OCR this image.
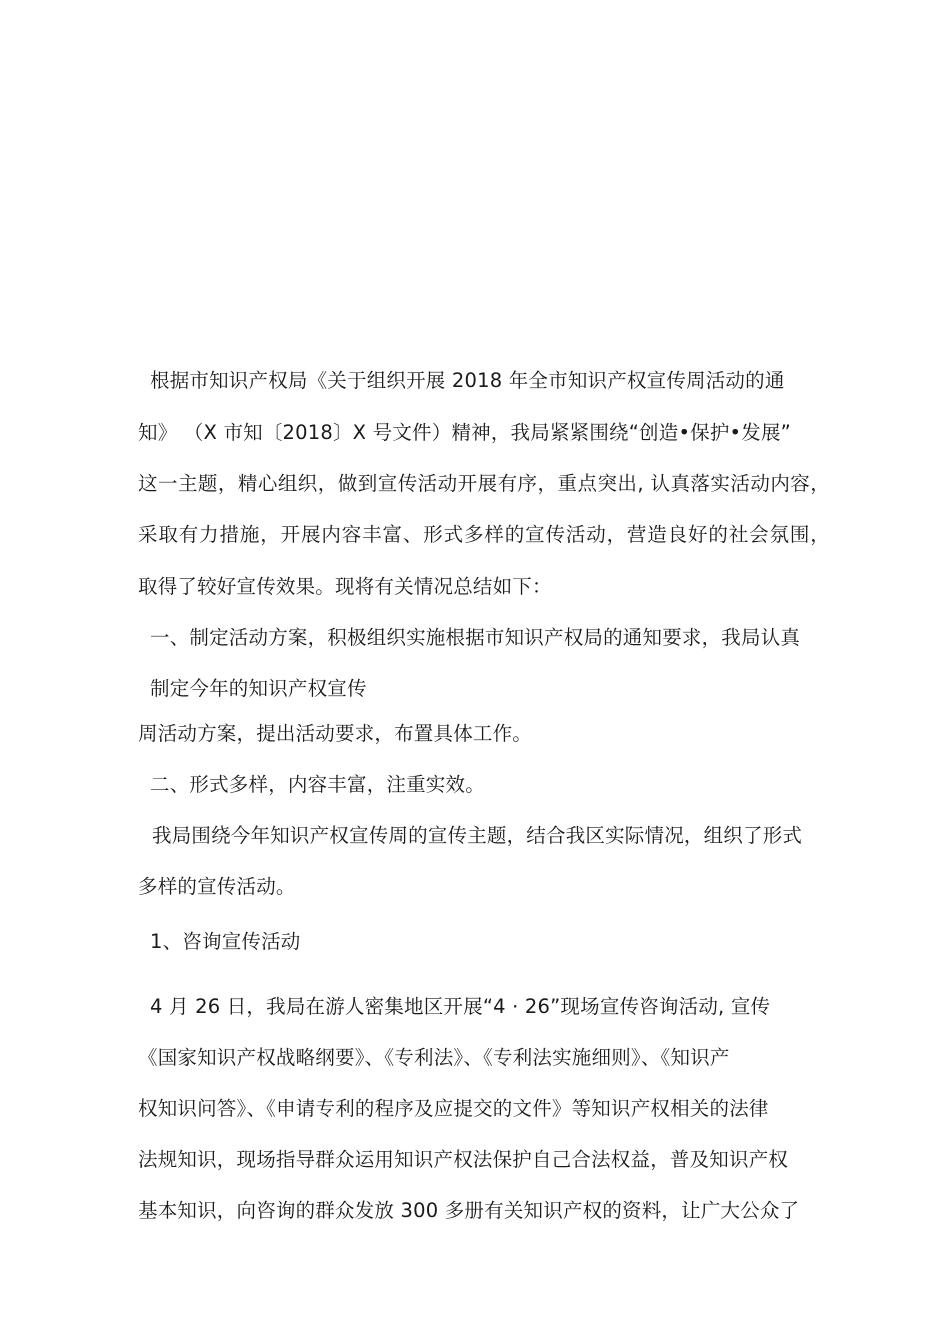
根据市知识产权局《关于组织开展 2018 年全市知识产权宣传周活动的通
知》 （X 市知〔2018〕X 号文件）精神，我局紧紧围绕“创造•保护•发展”
这一主题，精心组织，做到宣传活动开展有序，重点突出, 认真落实活动内容，
采取有力措施，开展内容丰富、形式多样的宣传活动，营造良好的社会氛围，
取得了较好宣传效果。现将有关情况总结如下：
一、制定活动方案，积极组织实施根据市知识产权局的通知要求，我局认真
制定今年的知识产权宣传
周活动方案，提出活动要求，布置具体工作。
二、形式多样，内容丰富，注重实效。
我局围绕今年知识产权宣传周的宣传主题，结合我区实际情况，组织了形式
多样的宣传活动。
1、咨询宣传活动
4 月 26 日，我局在游人密集地区开展“4 · 26”现场宣传咨询活动, 宣传
《国家知识产权战略纲要》、《专利法》、《专利法实施细则》、《知识产
权知识问答》、《申请专利的程序及应提交的文件》等知识产权相关的法律
法规知识，现场指导群众运用知识产权法保护自己合法权益，普及知识产权
基本知识，向咨询的群众发放 300 多册有关知识产权的资料，让广大公众了
